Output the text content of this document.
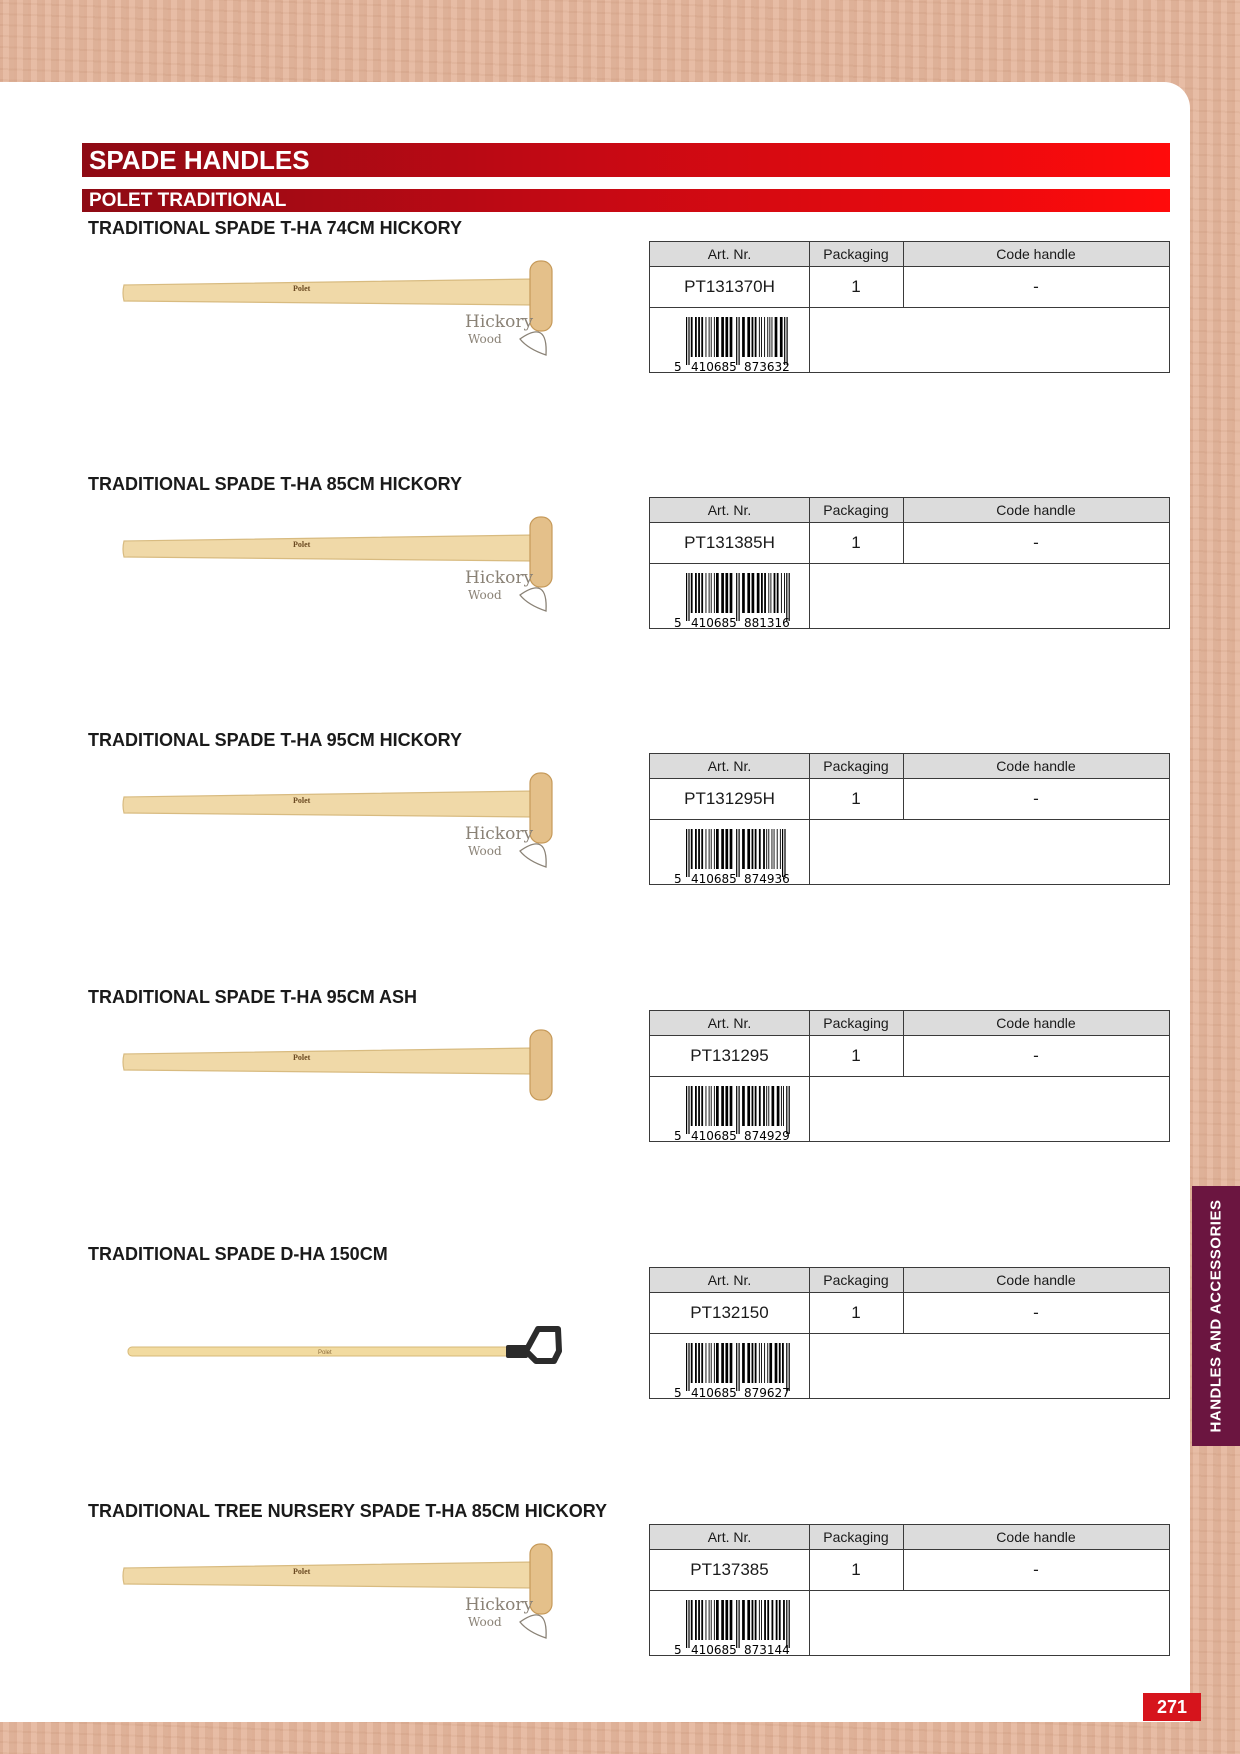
SPADE HANDLES
POLET TRADITIONAL
TRADITIONAL SPADE T-HA 74CM HICKORY
Polet
Hickory
Wood
Art. Nr.	Packaging	Code handle
PT131370H	1	-
5 410685 873632
TRADITIONAL SPADE T-HA 85CM HICKORY
Polet
Hickory
Wood
Art. Nr.	Packaging	Code handle
PT131385H	1	-
5 410685 881316
TRADITIONAL SPADE T-HA 95CM HICKORY
Polet
Hickory
Wood
Art. Nr.	Packaging	Code handle
PT131295H	1	-
5 410685 874936
TRADITIONAL SPADE T-HA 95CM ASH
Polet
Art. Nr.	Packaging	Code handle
PT131295	1	-
5 410685 874929
TRADITIONAL SPADE D-HA 150CM
Polet
Art. Nr.	Packaging	Code handle
PT132150	1	-
5 410685 879627
TRADITIONAL TREE NURSERY SPADE T-HA 85CM HICKORY
Polet
Hickory
Wood
Art. Nr.	Packaging	Code handle
PT137385	1	-
5 410685 873144
HANDLES AND ACCESSORIES
271
